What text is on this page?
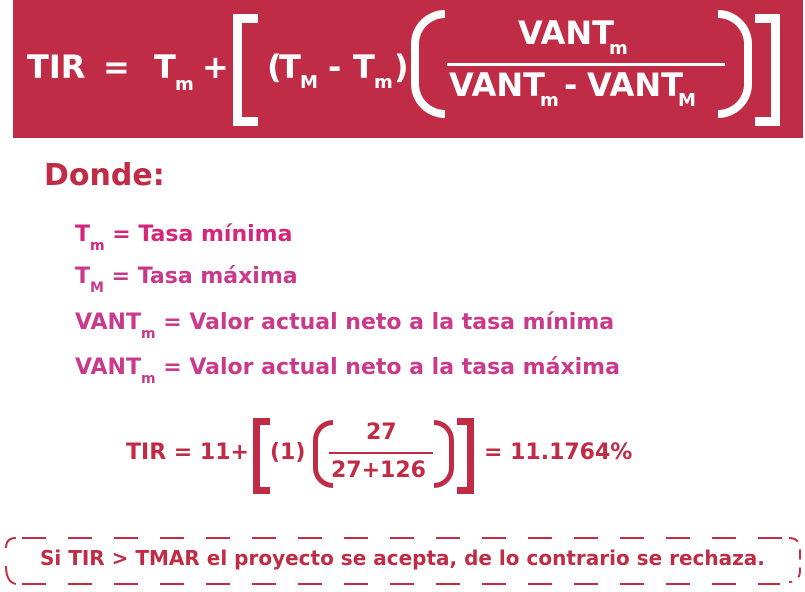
TIR = T m + (
T M - T m )
VANT
m
VANT
m - VANT
M
Donde:
$T_m$ = Tasa mínima
$T_M$ = Tasa máxima
$VANT_m$ = Valor actual neto a la tasa mínima
$VANT_m$ = Valor actual neto a la tasa máxima
TIR = 11+ (1)
27
27+126
= 11.1764%
Si TIR > TMAR el proyecto se acepta, de lo contrario se rechaza.
